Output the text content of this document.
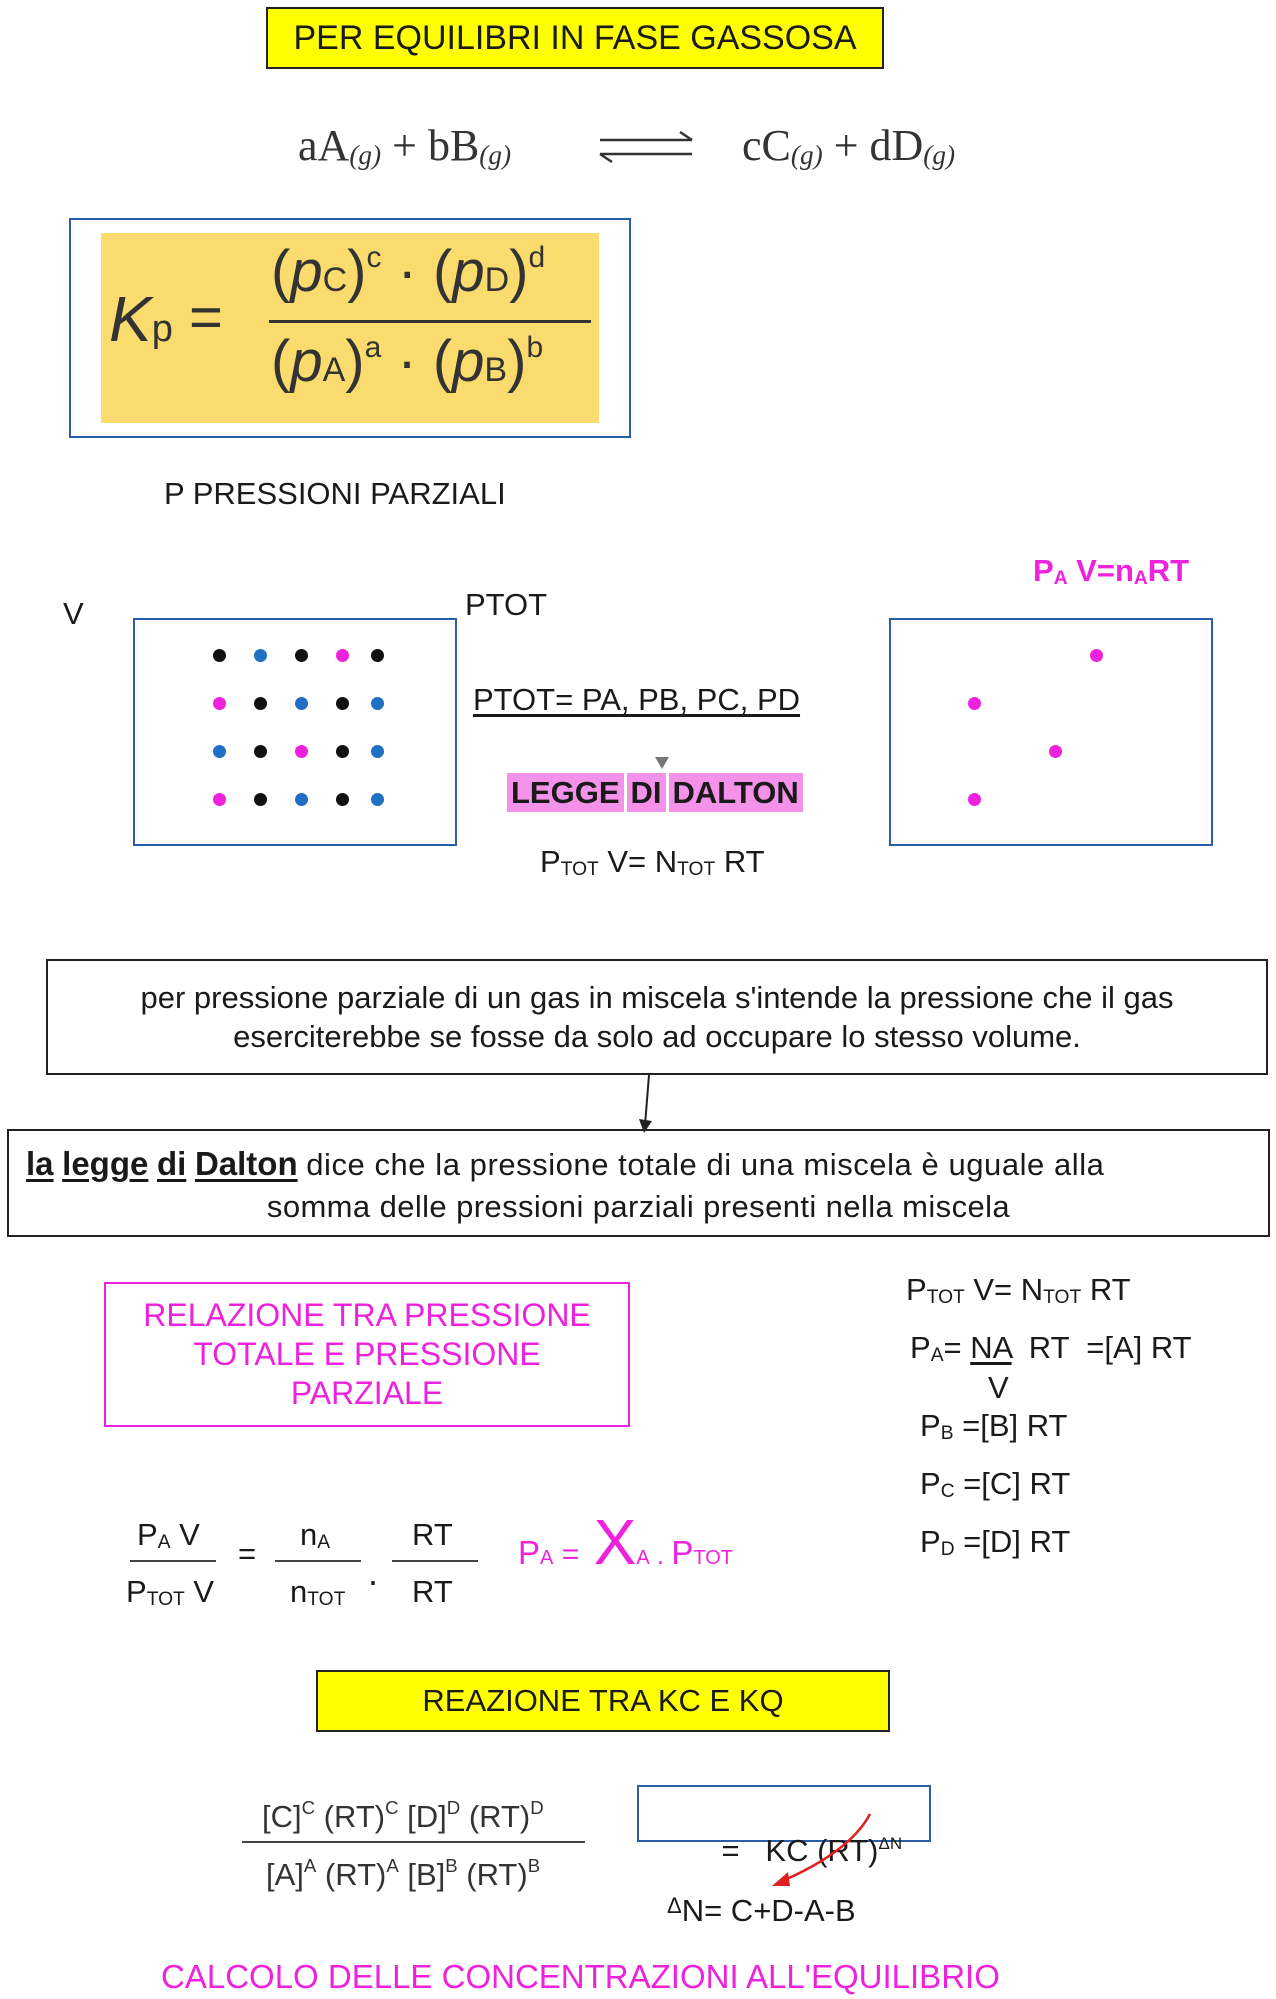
PER EQUILIBRI IN FASE GASSOSA
aA(g) + bB(g)	cC(g) + dD(g)
Kp =
(pC)$^c$ · (pD)$^d$
(pA)$^a$ · (pB)$^b$
P PRESSIONI PARZIALI
V	PTOT
PTOT= PA, PB, PC, PD
LEGGE DI DALTON
PTOT V= NTOT RT
PA V=nART
per pressione parziale di un gas in miscela s'intende la pressione che il gas eserciterebbe se fosse da solo ad occupare lo stesso volume.
la legge di Dalton dice che la pressione totale di una miscela è uguale alla
somma delle pressioni parziali presenti nella miscela
RELAZIONE TRA PRESSIONE
TOTALE E PRESSIONE
PARZIALE
PTOT V= NTOT RT
PA= NA  RT  =[A] RT
V
PB =[B] RT
PC =[C] RT
PD =[D] RT
PA V
PTOT V
=
nA
nTOT
.
RT
RT
PA = XA . PTOT
REAZIONE TRA KC E KQ
$[C]^C$ (RT)$^C$ $[D]^D$ (RT)$^D$
$[A]^A$ (RT)$^A$ $[B]^B$ (RT)$^B$	=   KC (RT)$^{\Delta N}$

$^\Delta$N= C+D-A-B
CALCOLO DELLE CONCENTRAZIONI ALL'EQUILIBRIO
